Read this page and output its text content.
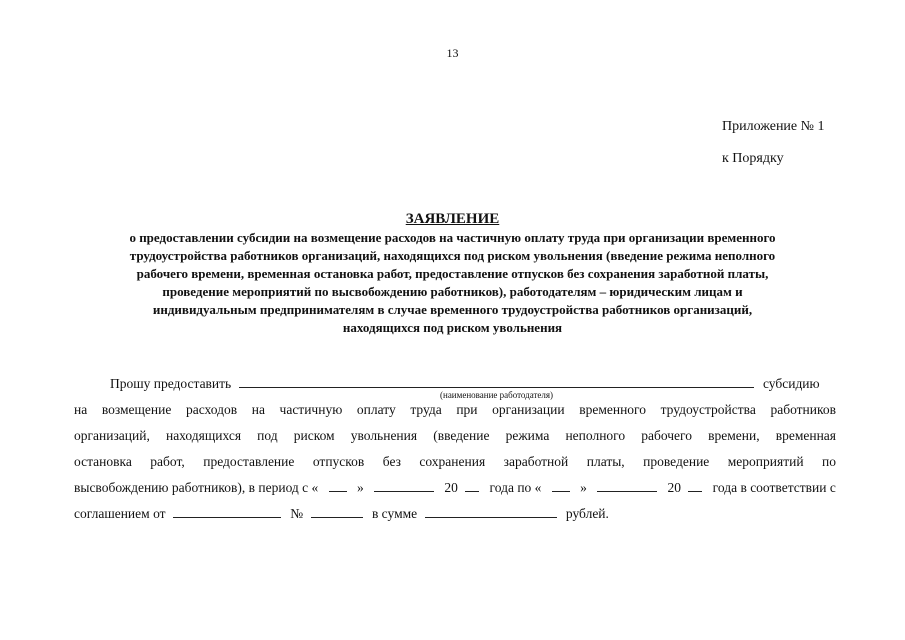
13
Приложение № 1
к Порядку
ЗАЯВЛЕНИЕ
о предоставлении субсидии на возмещение расходов на частичную оплату труда при организации временного
трудоустройства работников организаций, находящихся под риском увольнения (введение режима неполного
рабочего времени, временная остановка работ, предоставление отпусков без сохранения заработной платы,
проведение мероприятий по высвобождению работников), работодателям – юридическим лицам и
индивидуальным предпринимателям в случае временного трудоустройства работников организаций,
находящихся под риском увольнения
Прошу предоставить	субсидию
(наименование работодателя)
на возмещение расходов на частичную оплату труда при организации временного трудоустройства работников
организаций, находящихся под риском увольнения (введение режима неполного рабочего времени, временная
остановка работ, предоставление отпусков без сохранения заработной платы, проведение мероприятий по
высвобождению работников), в период с «	»	20 года по «	»	20 года в соответствии с
соглашением от	№	в сумме	рублей.
